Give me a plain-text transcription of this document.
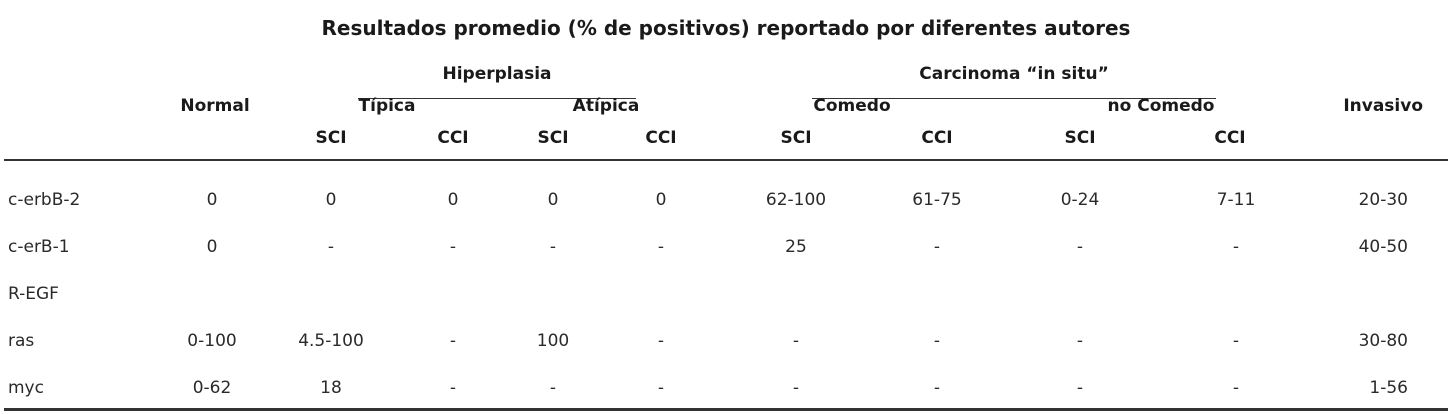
Resultados promedio (% de positivos) reportado por diferentes autores
Hiperplasia	Carcinoma “in situ”
Normal	Típica	Atípica	Comedo	no Comedo	Invasivo
SCI	CCI	SCI	CCI	SCI	CCI	SCI	CCI
c-erbB-2	0	0	0	0	0	62-100	61-75	0-24	7-11	20-30
c-erB-1	0	-	-	-	-	25	-	-	-	40-50
R-EGF
ras	0-100	4.5-100	-	100	-	-	-	-	-	30-80
myc	0-62	18	-	-	-	-	-	-	-	1-56
